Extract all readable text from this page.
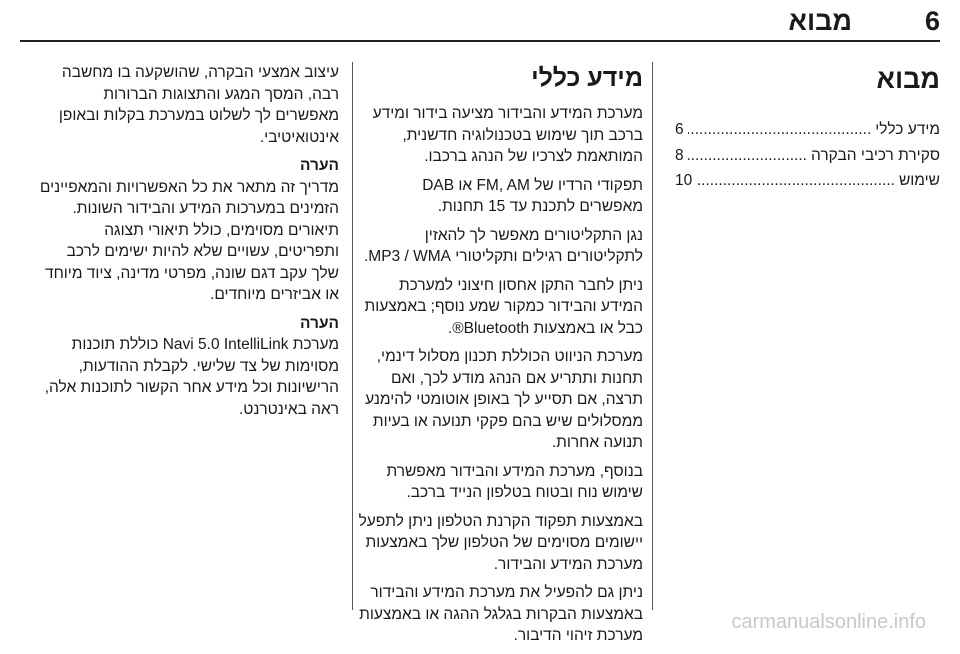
6
מבוא
מבוא
מידע כללי
.....
6
סקירת רכיבי הבקרה
.....
8
שימוש
.....
10
מידע כללי

מערכת המידע והבידור מציעה בידור ומידע ברכב תוך שימוש בטכנולוגיה חדשנית, המותאמת לצרכיו של הנהג ברכבו.

תפקודי הרדיו של FM, AM או DAB מאפשרים לתכנת עד 15 תחנות.

נגן התקליטורים מאפשר לך להאזין לתקליטורים רגילים ותקליטורי MP3 / WMA.

ניתן לחבר התקן אחסון חיצוני למערכת המידע והבידור כמקור שמע נוסף; באמצעות כבל או באמצעות Bluetooth®.

מערכת הניווט הכוללת תכנון מסלול דינמי, תחנות ותתריע אם הנהג מודע לכך, ואם תרצה, אם תסייע לך באופן אוטומטי להימנע ממסלולים שיש בהם פקקי תנועה או בעיות תנועה אחרות.

בנוסף, מערכת המידע והבידור מאפשרת שימוש נוח ובטוח בטלפון הנייד ברכב.

באמצעות תפקוד הקרנת הטלפון ניתן לתפעל יישומים מסוימים של הטלפון שלך באמצעות מערכת המידע והבידור.

ניתן גם להפעיל את מערכת המידע והבידור באמצעות הבקרות בגלגל ההגה או באמצעות מערכת זיהוי הדיבור.

עיצוב אמצעי הבקרה, שהושקעה בו מחשבה רבה, המסך המגע והתצוגות הברורות מאפשרים לך לשלוט במערכת בקלות ובאופן אינטואיטיבי.

הערה

מדריך זה מתאר את כל האפשרויות והמאפיינים הזמינים במערכות המידע והבידור השונות. תיאורים מסוימים, כולל תיאורי תצוגה ותפריטים, עשויים שלא להיות ישימים לרכב שלך עקב דגם שונה, מפרטי מדינה, ציוד מיוחד או אביזרים מיוחדים.

הערה

מערכת Navi 5.0 IntelliLink כוללת תוכנות מסוימות של צד שלישי. לקבלת ההודעות, הרישיונות וכל מידע אחר הקשור לתוכנות אלה, ראה באינטרנט.

carmanualsonline.info
